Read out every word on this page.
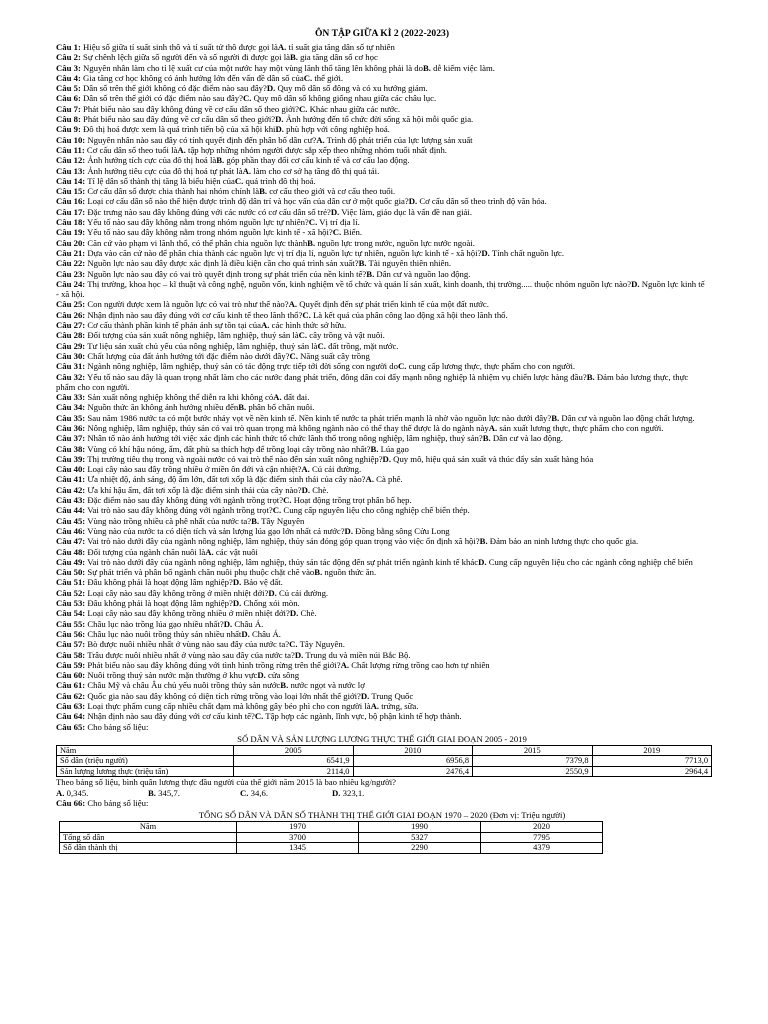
ÔN TẬP GIỮA KÌ 2 (2022-2023)
Câu 1: Hiệu số giữa tỉ suất sinh thô và tỉ suất tử thô được gọi làA. tỉ suất gia tăng dân số tự nhiên
Câu 2: Sự chênh lệch giữa số người đến và số người đi được gọi làB. gia tăng dân số cơ học
Câu 3: Nguyên nhân làm cho tỉ lệ xuất cư của một nước hay một vùng lãnh thổ tăng lên không phải là doB. dễ kiếm việc làm.
Câu 4: Gia tăng cơ học không có ảnh hưởng lớn đến vấn đề dân số củaC. thế giới.
Câu 5: Dân số trên thế giới không có đặc điểm nào sau đây?D. Quy mô dân số đông và có xu hướng giảm.
Câu 6: Dân số trên thế giới có đặc điểm nào sau đây?C. Quy mô dân số không giống nhau giữa các châu lục.
Câu 7: Phát biểu nào sau đây không đúng về cơ cấu dân số theo giới?C. Khác nhau giữa các nước.
Câu 8: Phát biểu nào sau đây đúng về cơ cấu dân số theo giới?D. Ảnh hưởng đến tổ chức đời sống xã hội mỗi quốc gia.
Câu 9: Đô thị hoá được xem là quá trình tiến bộ của xã hội khiD. phù hợp với công nghiệp hoá.
Câu 10: Nguyên nhân nào sau đây có tính quyết định đến phân bố dân cư?A. Trình độ phát triển của lực lượng sản xuất
Câu 11: Cơ cấu dân số theo tuổi làA. tập hợp những nhóm người được sắp xếp theo những nhóm tuổi nhất định.
Câu 12: Ảnh hưởng tích cực của đô thị hoá làB. góp phần thay đổi cơ cấu kinh tế và cơ cấu lao động.
Câu 13: Ảnh hưởng tiêu cực của đô thị hoá tự phát làA. làm cho cơ sở hạ tầng đô thị quá tải.
Câu 14: Tỉ lệ dân số thành thị tăng là biểu hiện củaC. quá trình đô thị hoá.
Câu 15: Cơ cấu dân số được chia thành hai nhóm chính làB. cơ cấu theo giới và cơ cấu theo tuổi.
Câu 16: Loại cơ cấu dân số nào thể hiện được trình độ dân trí và học vấn của dân cư ở một quốc gia?D. Cơ cấu dân số theo trình độ văn hóa.
Câu 17: Đặc trưng nào sau đây không đúng với các nước có cơ cấu dân số trẻ?D. Việc làm, giáo dục là vấn đề nan giải.
Câu 18: Yếu tố nào sau đây không nằm trong nhóm nguồn lực tự nhiên?C. Vị trí địa lí.
Câu 19: Yếu tố nào sau đây không nằm trong nhóm nguồn lực kinh tế - xã hội?C. Biển.
Câu 20: Căn cứ vào phạm vi lãnh thổ, có thể phân chia nguồn lực thànhB. nguồn lực trong nước, nguồn lực nước ngoài.
Câu 21: Dựa vào căn cứ nào để phân chia thành các nguồn lực vị trí địa lí, nguồn lực tự nhiên, nguồn lực kinh tế - xã hội?D. Tính chất nguồn lực.
Câu 22: Nguồn lực nào sau đây được xác định là điều kiện cần cho quá trình sản xuất?B. Tài nguyên thiên nhiên.
Câu 23: Nguồn lực nào sau đây có vai trò quyết định trong sự phát triển của nền kinh tế?B. Dân cư và nguồn lao động.
Câu 24: Thị trường, khoa học – kĩ thuật và công nghệ, nguồn vốn, kinh nghiệm về tổ chức và quản lí sản xuất, kinh doanh, thị trường..... thuộc nhóm nguồn lực nào?D. Nguồn lực kinh tế - xã hội.
Câu 25: Con người được xem là nguồn lực có vai trò như thế nào?A. Quyết định đến sự phát triển kinh tế của một đất nước.
Câu 26: Nhận định nào sau đây đúng với cơ cấu kinh tế theo lãnh thổ?C. Là kết quả của phân công lao động xã hội theo lãnh thổ.
Câu 27: Cơ cấu thành phần kinh tế phản ánh sự tồn tại củaA. các hình thức sở hữu.
Câu 28: Đối tượng của sản xuất nông nghiệp, lâm nghiệp, thuỷ sản làC. cây trồng và vật nuôi.
Câu 29: Tư liệu sản xuất chủ yếu của nông nghiệp, lâm nghiệp, thuỷ sản làC. đất trồng, mặt nước.
Câu 30: Chất lượng của đất ảnh hưởng tới đặc điểm nào dưới đây?C. Năng suất cây trồng
Câu 31: Ngành nông nghiệp, lâm nghiệp, thuỷ sản có tác động trực tiếp tới đời sống con người doC. cung cấp lương thực, thực phẩm cho con người.
Câu 32: Yếu tố nào sau đây là quan trọng nhất làm cho các nước đang phát triển, đông dân coi đẩy mạnh nông nghiệp là nhiệm vụ chiến lược hàng đầu?B. Đảm bảo lương thực, thực phẩm cho con người.
Câu 33: Sản xuất nông nghiệp không thể diễn ra khi không cóA. đất đai.
Câu 34: Nguồn thức ăn không ảnh hưởng nhiều đếnB. phân bố chăn nuôi.
Câu 35: Sau năm 1986 nước ta có một bước nhảy vọt về nền kinh tế. Nền kinh tế nước ta phát triển mạnh là nhờ vào nguồn lực nào dưới đây?B. Dân cư và nguồn lao động chất lượng.
Câu 36: Nông nghiệp, lâm nghiệp, thủy sản có vai trò quan trọng mà không ngành nào có thể thay thế được là do ngành nàyA. sản xuất lương thực, thực phẩm cho con người.
Câu 37: Nhân tố nào ảnh hưởng tới việc xác định các hình thức tổ chức lãnh thổ trong nông nghiệp, lâm nghiệp, thuỷ sản?B. Dân cư và lao động.
Câu 38: Vùng có khí hậu nóng, ẩm, đất phù sa thích hợp để trồng loại cây trồng nào nhất?B. Lúa gạo
Câu 39: Thị trường tiêu thụ trong và ngoài nước có vai trò thế nào đến sản xuất nông nghiệp?D. Quy mô, hiệu quả sản xuất và thúc đẩy sản xuất hàng hóa
Câu 40: Loại cây nào sau đây trồng nhiều ở miền ôn đới và cận nhiệt?A. Củ cải đường.
Câu 41: Ưa nhiệt độ, ánh sáng, độ ẩm lớn, đất tơi xốp là đặc điểm sinh thái của cây nào?A. Cà phê.
Câu 42: Ưa khí hậu ẩm, đất tơi xốp là đặc điểm sinh thái của cây nào?D. Chè.
Câu 43: Đặc điểm nào sau đây không đúng với ngành trồng trọt?C. Hoạt động trồng trọt phân bố hẹp.
Câu 44: Vai trò nào sau đây không đúng với ngành trồng trọt?C. Cung cấp nguyên liệu cho công nghiệp chế biến thép.
Câu 45: Vùng nào trồng nhiều cà phê nhất của nước ta?B. Tây Nguyên
Câu 46: Vùng nào của nước ta có diện tích và sản lượng lúa gạo lớn nhất cả nước?D. Đồng bằng sông Cửu Long
Câu 47: Vai trò nào dưới đây của ngành nông nghiệp, lâm nghiệp, thủy sản đóng góp quan trọng vào việc ổn định xã hội?B. Đảm bảo an ninh lương thực cho quốc gia.
Câu 48: Đối tượng của ngành chăn nuôi làA. các vật nuôi
Câu 49: Vai trò nào dưới đây của ngành nông nghiệp, lâm nghiệp, thủy sản tác động đến sự phát triển ngành kinh tế khácD. Cung cấp nguyên liệu cho các ngành công nghiệp chế biến
Câu 50: Sự phát triển và phân bố ngành chăn nuôi phụ thuộc chặt chẽ vàoB. nguồn thức ăn.
Câu 51: Đâu không phải là hoạt động lâm nghiệp?D. Bảo vệ đất.
Câu 52: Loại cây nào sau đây không trồng ở miền nhiệt đới?D. Củ cải đường.
Câu 53: Đâu không phải là hoạt động lâm nghiệp?D. Chống xói mòn.
Câu 54: Loại cây nào sau đây không trồng nhiều ở miền nhiệt đới?D. Chè.
Câu 55: Châu lục nào trồng lúa gạo nhiều nhất?D. Châu Á.
Câu 56: Châu lục nào nuôi trồng thủy sản nhiều nhấtD. Châu Á.
Câu 57: Bò được nuôi nhiều nhất ở vùng nào sau đây của nước ta?C. Tây Nguyên.
Câu 58: Trâu được nuôi nhiều nhất ở vùng nào sau đây của nước ta?D. Trung du và miền núi Bắc Bộ.
Câu 59: Phát biểu nào sau đây không đúng với tình hình trồng rừng trên thế giới?A. Chất lượng rừng trồng cao hơn tự nhiên
Câu 60: Nuôi trồng thuỷ sản nước mặn thường ở khu vựcD. cửa sông
Câu 61: Châu Mỹ và châu Âu chủ yếu nuôi trồng thủy sản nướcB. nước ngọt và nước lợ
Câu 62: Quốc gia nào sau đây không có diện tích rừng trồng vào loại lớn nhất thế giới?D. Trung Quốc
Câu 63: Loại thực phẩm cung cấp nhiều chất đạm mà không gây béo phì cho con người làA. trứng, sữa.
Câu 64: Nhận định nào sau đây đúng với cơ cấu kinh tế?C. Tập hợp các ngành, lĩnh vực, bộ phận kinh tế hợp thành.
Câu 65: Cho bảng số liệu:
SỐ DÂN VÀ SẢN LƯỢNG LƯƠNG THỰC THẾ GIỚI GIAI ĐOẠN 2005 - 2019
Năm	2005	2010	2015	2019
Số dân (triệu người)	6541,9	6956,8	7379,8	7713,0
Sản lượng lương thực (triệu tấn)	2114,0	2476,4	2550,9	2964,4
Theo bảng số liệu, bình quân lương thực đầu người của thế giới năm 2015 là bao nhiêu kg/người?
A. 0,345.	B. 345,7.	C. 34,6.	D. 323,1.
Câu 66: Cho bảng số liệu:
TỔNG SỐ DÂN VÀ DÂN SỐ THÀNH THỊ THẾ GIỚI GIAI ĐOẠN 1970 – 2020 (Đơn vị: Triệu người)
Năm	1970	1990	2020
Tổng số dân	3700	5327	7795
Số dân thành thị	1345	2290	4379
